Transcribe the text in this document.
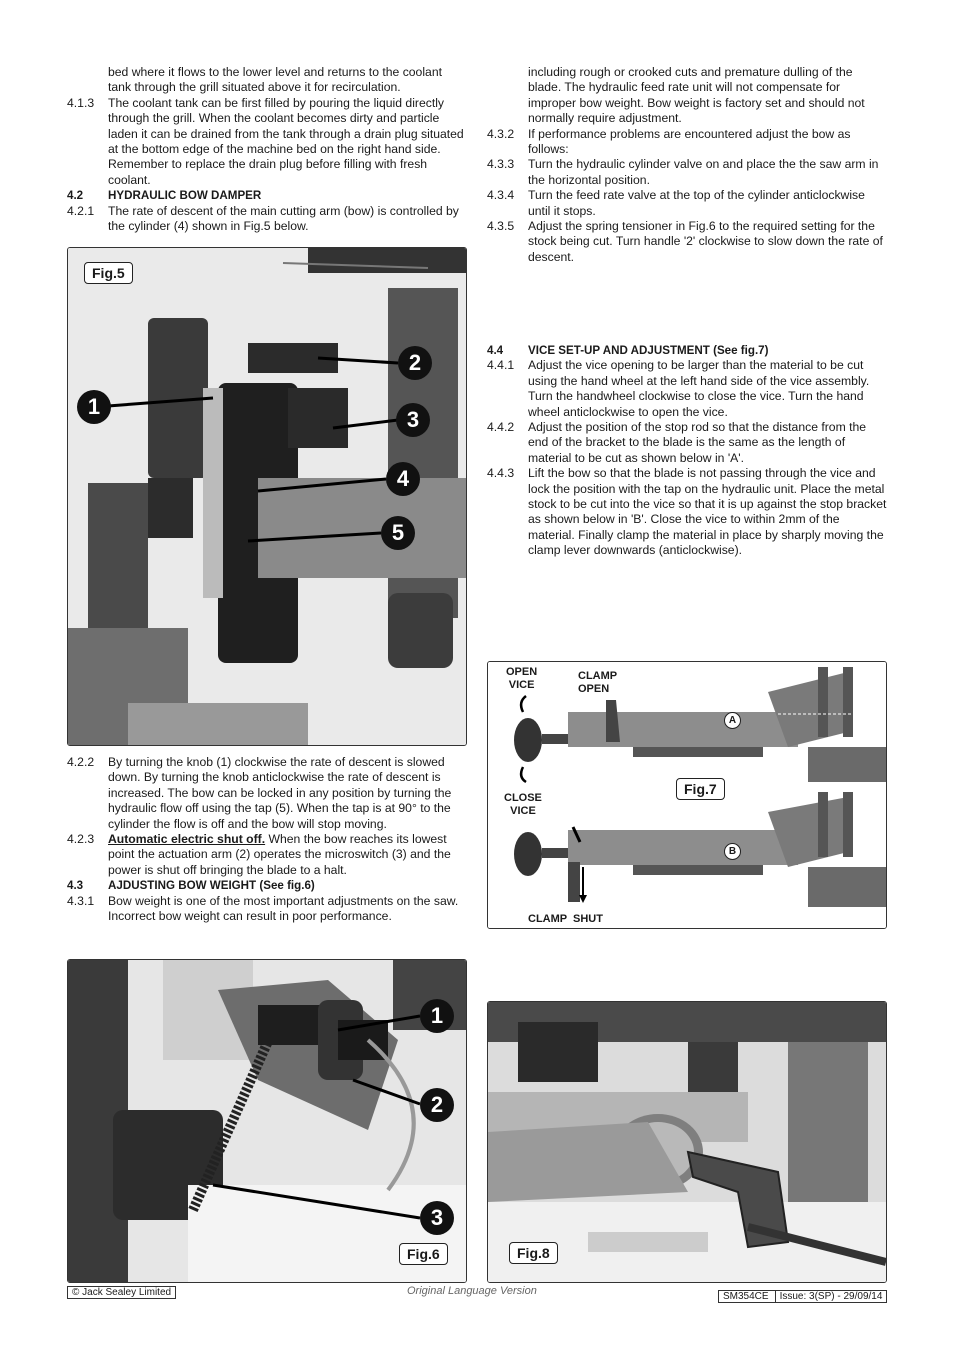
bed where it flows to the lower level and returns to the coolant tank through the grill situated above it for recirculation.
4.1.3 The coolant tank can be first filled by pouring the liquid directly through the grill. When the coolant becomes dirty and particle laden it can be drained from the tank through a drain plug situated at the bottom edge of the machine bed on the right hand side. Remember to replace the drain plug before filling with fresh coolant.
4.2 HYDRAULIC BOW DAMPER
4.2.1 The rate of descent of the main cutting arm (bow) is controlled by the cylinder (4) shown in Fig.5 below.
Fig.5
1
2
3
4
5
4.2.2 By turning the knob (1) clockwise the rate of descent is slowed down. By turning the knob anticlockwise the rate of descent is increased. The bow can be locked in any position by turning the hydraulic flow off using the tap (5). When the tap is at 90° to the cylinder the flow is off and the bow will stop moving.
4.2.3 Automatic electric shut off. When the bow reaches its lowest point the actuation arm (2) operates the microswitch (3) and the power is shut off bringing the blade to a halt.
4.3 AJDUSTING BOW WEIGHT (See fig.6)
4.3.1 Bow weight is one of the most important adjustments on the saw. Incorrect bow weight can result in poor performance.
1
2
3
Fig.6
including rough or crooked cuts and premature dulling of the blade. The hydraulic feed rate unit will not compensate for improper bow weight. Bow weight is factory set and should not normally require adjustment.
4.3.2 If performance problems are encountered adjust the bow as follows:
4.3.3 Turn the hydraulic cylinder valve on and place the the saw arm in the horizontal position.
4.3.4 Turn the feed rate valve at the top of the cylinder anticlockwise until it stops.
4.3.5 Adjust the spring tensioner in Fig.6 to the required setting for the stock being cut. Turn handle '2' clockwise to slow down the rate of descent.
4.4 VICE SET-UP AND ADJUSTMENT (See fig.7)
4.4.1 Adjust the vice opening to be larger than the material to be cut using the hand wheel at the left hand side of the vice assembly. Turn the handwheel clockwise to close the vice. Turn the hand wheel anticlockwise to open the vice.
4.4.2 Adjust the position of the stop rod so that the distance from the end of the bracket to the blade is the same as the length of material to be cut as shown below in 'A'.
4.4.3 Lift the bow so that the blade is not passing through the vice and lock the position with the tap on the hydraulic unit. Place the metal stock to be cut into the vice so that it is up against the stop bracket as shown below in 'B'. Close the vice to within 2mm of the material. Finally clamp the material in place by sharply moving the clamp lever downwards (anticlockwise).
OPEN
VICE
CLAMP
OPEN
CLOSE
VICE
CLAMP  SHUT
A
B
Fig.7
Fig.8
© Jack Sealey Limited	Original Language Version	SM354CE	Issue: 3(SP) - 29/09/14
